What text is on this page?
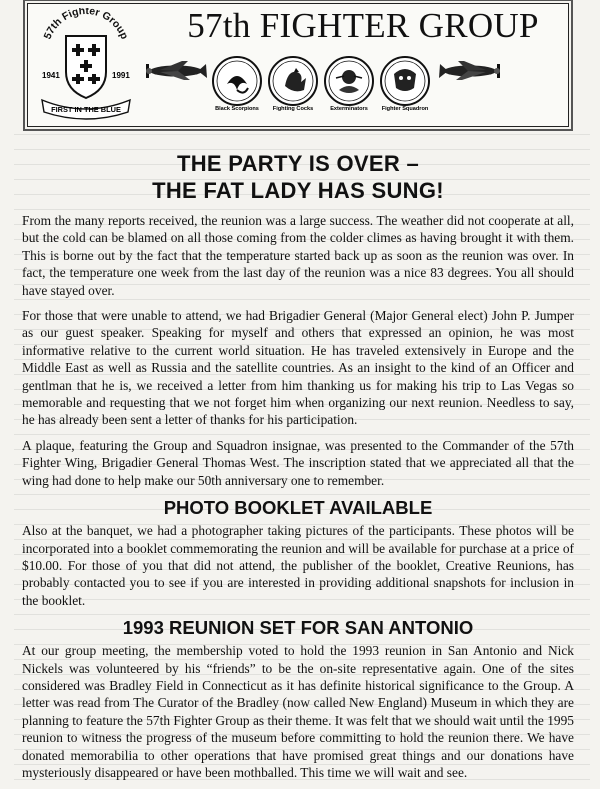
57th Fighter Group
1941	1991
FIRST IN THE BLUE
57th FIGHTER GROUP
Black Scorpions Fighting Cocks	Exterminators Fighter Squadron
THE PARTY IS OVER –
THE FAT LADY HAS SUNG!

From the many reports received, the reunion was a large success. The weather did not cooperate at all, but the cold can be blamed on all those coming from the colder climes as having brought it with them. This is borne out by the fact that the temperature started back up as soon as the reunion was over. In fact, the temperature one week from the last day of the reunion was a nice 83 degrees. You all should have stayed over.

For those that were unable to attend, we had Brigadier General (Major General elect) John P. Jumper as our guest speaker. Speaking for myself and others that expressed an opinion, he was most informative relative to the current world situation. He has traveled extensively in Europe and the Middle East as well as Russia and the satellite countries. As an insight to the kind of an Officer and gentlman that he is, we received a letter from him thanking us for making his trip to Las Vegas so memorable and requesting that we not forget him when organizing our next reunion. Needless to say, he has already been sent a letter of thanks for his participation.

A plaque, featuring the Group and Squadron insignae, was presented to the Commander of the 57th Fighter Wing, Brigadier General Thomas West. The inscription stated that we appreciated all that the wing had done to help make our 50th anniversary one to remember.

PHOTO BOOKLET AVAILABLE

Also at the banquet, we had a photographer taking pictures of the participants. These photos will be incorporated into a booklet commemorating the reunion and will be available for purchase at a price of $10.00. For those of you that did not attend, the publisher of the booklet, Creative Reunions, has probably contacted you to see if you are interested in providing additional snapshots for inclusion in the booklet.

1993 REUNION SET FOR SAN ANTONIO

At our group meeting, the membership voted to hold the 1993 reunion in San Antonio and Nick Nickels was volunteered by his “friends” to be the on-site representative again. One of the sites considered was Bradley Field in Connecticut as it has definite historical significance to the Group. A letter was read from The Curator of the Bradley (now called New England) Museum in which they are planning to feature the 57th Fighter Group as their theme. It was felt that we should wait until the 1995 reunion to witness the progress of the museum before committing to hold the reunion there. We have donated memorabilia to other operations that have promised great things and our donations have mysteriously disappeared or have been mothballed. This time we will wait and see.
